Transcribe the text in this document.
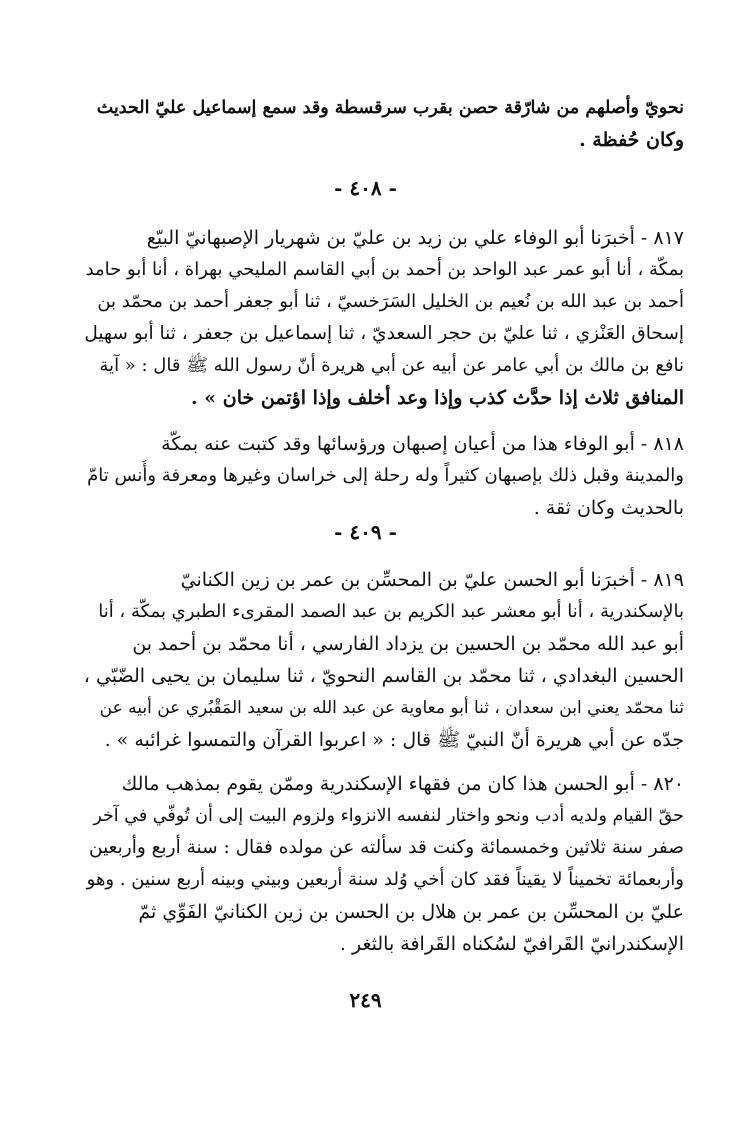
نحويّ وأصلهم من شارّقة حصن بقرب سرقسطة وقد سمع إسماعيل عليّ الحديث
وكان حُفظة .
- ٤٠٨ -
٨١٧ - أخبرَنا أبو الوفاء علي بن زيد بن عليّ بن شهريار الإصبهانيّ البيّع
بمكّة ، أنا أبو عمر عبد الواحد بن أحمد بن أبي القاسم المليحي بهراة ، أنا أبو حامد
أحمد بن عبد الله بن نُعيم بن الخليل السَرَخسيّ ، ثنا أبو جعفر أحمد بن محمّد بن
إسحاق العَنْزي ، ثنا عليّ بن حجر السعديّ ، ثنا إسماعيل بن جعفر ، ثنا أبو سهيل
نافع بن مالك بن أبي عامر عن أبيه عن أبي هريرة أنّ رسول الله ﷺ قال : « آية
المنافق ثلاث إذا حدَّث كذب وإذا وعد أخلف وإذا اؤتمن خان » .
٨١٨ - أبو الوفاء هذا من أعيان إصبهان ورؤسائها وقد كتبت عنه بمكّة
والمدينة وقبل ذلك بإصبهان كثيراً وله رحلة إلى خراسان وغيرها ومعرفة وأُنس تامّ
بالحديث وكان ثقة .
- ٤٠٩ -
٨١٩ - أخبرَنا أبو الحسن عليّ بن المحسِّن بن عمر بن زين الكنانيّ
بالإسكندرية ، أنا أبو معشر عبد الكريم بن عبد الصمد المقرىء الطبري بمكّة ، أنا
أبو عبد الله محمّد بن الحسين بن يزداد الفارسي ، أنا محمّد بن أحمد بن
الحسين البغدادي ، ثنا محمّد بن القاسم النحويّ ، ثنا سليمان بن يحيى الضّبّي ،
ثنا محمّد يعني ابن سعدان ، ثنا أبو معاوية عن عبد الله بن سعيد المَقْبُري عن أبيه عن
جدّه عن أبي هريرة أنّ النبيّ ﷺ قال : « اعربوا القرآن والتمسوا غرائبه » .
٨٢٠ - أبو الحسن هذا كان من فقهاء الإسكندرية وممّن يقوم بمذهب مالك
حقّ القيام ولديه أدب ونحو واختار لنفسه الانزواء ولزوم البيت إلى أن تُوفّي في آخر
صفر سنة ثلاثين وخمسمائة وكنت قد سألته عن مولده فقال : سنة أربع وأربعين
وأربعمائة تخميناً لا يقيناً فقد كان أخي وُلد سنة أربعين وبيني وبينه أربع سنين . وهو
عليّ بن المحسِّن بن عمر بن هلال بن الحسن بن زين الكنانيّ الفَوِّي ثمّ
الإسكندرانيّ القَرافيّ لسُكناه القَرافة بالثغر .
٢٤٩
